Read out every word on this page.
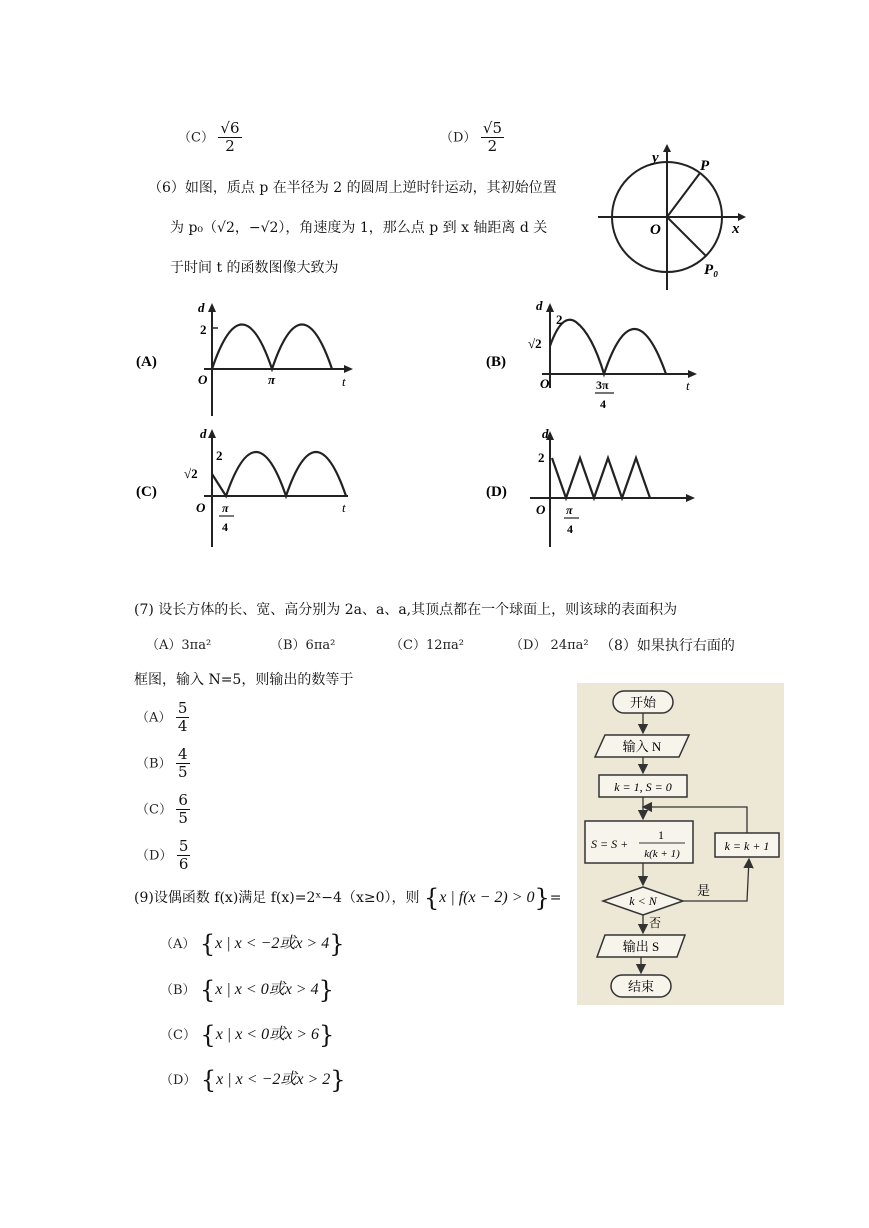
$(C) \frac{√6}{2}$	$(D) \frac{√5}{2}$
（6）如图，质点 p 在半径为 2 的圆周上逆时针运动，其初始位置
为 p₀（√2，−√2），角速度为 1，那么点 p 到 x 轴距离 d 关
于时间 t 的函数图像大致为
y
x
O
P
P₀
(A)
d
2
O	π	t
(B)
d
2
√2
O	3π
4
t
(C)
d
2
√2
O π
4
t
(D)
d
2
O π
4
(7) 设长方体的长、宽、高分别为 2a、a、a,其顶点都在一个球面上，则该球的表面积为
（A）3πa²	（B）6πa²	（C）12πa²	（D） 24πa² （8）如果执行右面的
框图，输入 N=5，则输出的数等于
$(A) \frac{5}{4}$
$(B) \frac{4}{5}$
$(C) \frac{6}{5}$
$(D) \frac{5}{6}$
开始
输入 N
k = 1, S = 0
S = S +
1
k(k + 1)
k < N
是
k = k + 1
否
输出 S
结束
(9)设偶函数 f(x)满足 f(x)=2ˣ−4（x≥0），则 {x | f(x − 2) > 0}=
（A） {x | x < −2或x > 4}
（B） {x | x < 0或x > 4}
（C） {x | x < 0或x > 6}
（D） {x | x < −2或x > 2}
